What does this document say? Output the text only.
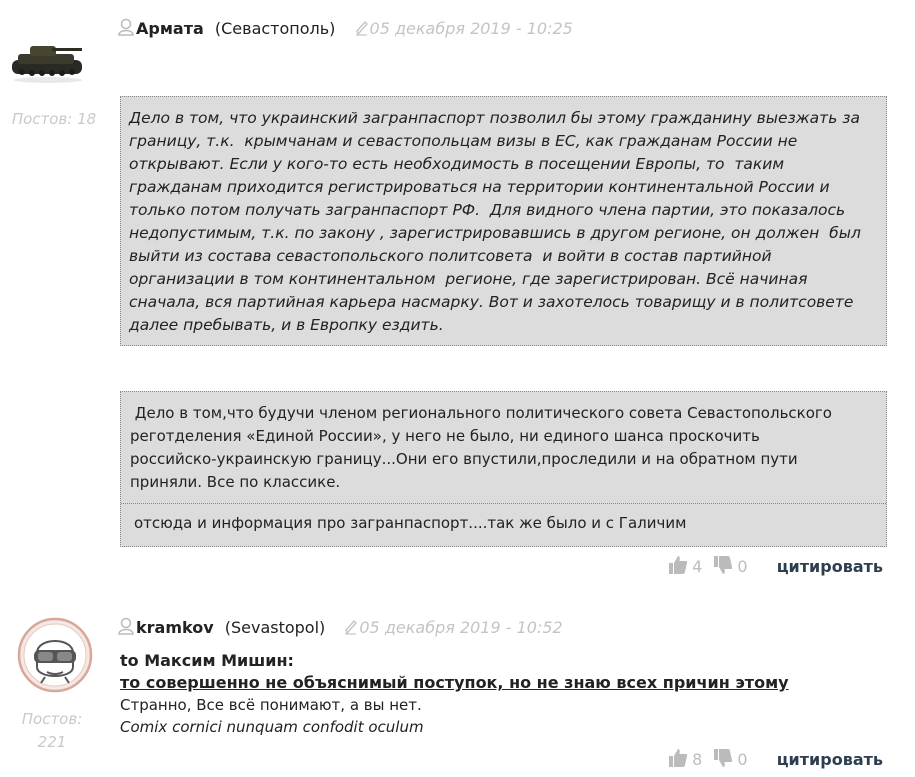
Постов: 18
Армата (Севастополь) 05 декабря 2019 - 10:25

Дело в том, что украинский загранпаспорт позволил бы этому гражданину выезжать за
границу, т.к.  крымчанам и севастопольцам визы в ЕС, как гражданам России не
открывают. Если у кого-то есть необходимость в посещении Европы, то  таким
гражданам приходится регистрироваться на территории континентальной России и
только потом получать загранпаспорт РФ.  Для видного члена партии, это показалось
недопустимым, т.к. по закону , зарегистрировавшись в другом регионе, он должен  был
выйти из состава севастопольского политсовета  и войти в состав партийной
организации в том континентальном  регионе, где зарегистрирован. Всё начиная
сначала, вся партийная карьера насмарку. Вот и захотелось товарищу и в политсовете
далее пребывать, и в Европку ездить.

Дело в том,что будучи членом регионального политического совета Севастопольского
реготделения «Единой России», у него не было, ни единого шанса проскочить
российско-украинскую границу...Они его впустили,проследили и на обратном пути
приняли. Все по классике.

отсюда и информация про загранпаспорт....так же было и с Галичим
4 0 цитировать
Постов:
221
kramkov (Sevastopol) 05 декабря 2019 - 10:52
to Максим Мишин:
то совершенно не объяснимый поступок, но не знаю всех причин этому
Странно, Все всё понимают, а вы нет.
Comix cornici nunquam confodit oculum
8 0 цитировать
